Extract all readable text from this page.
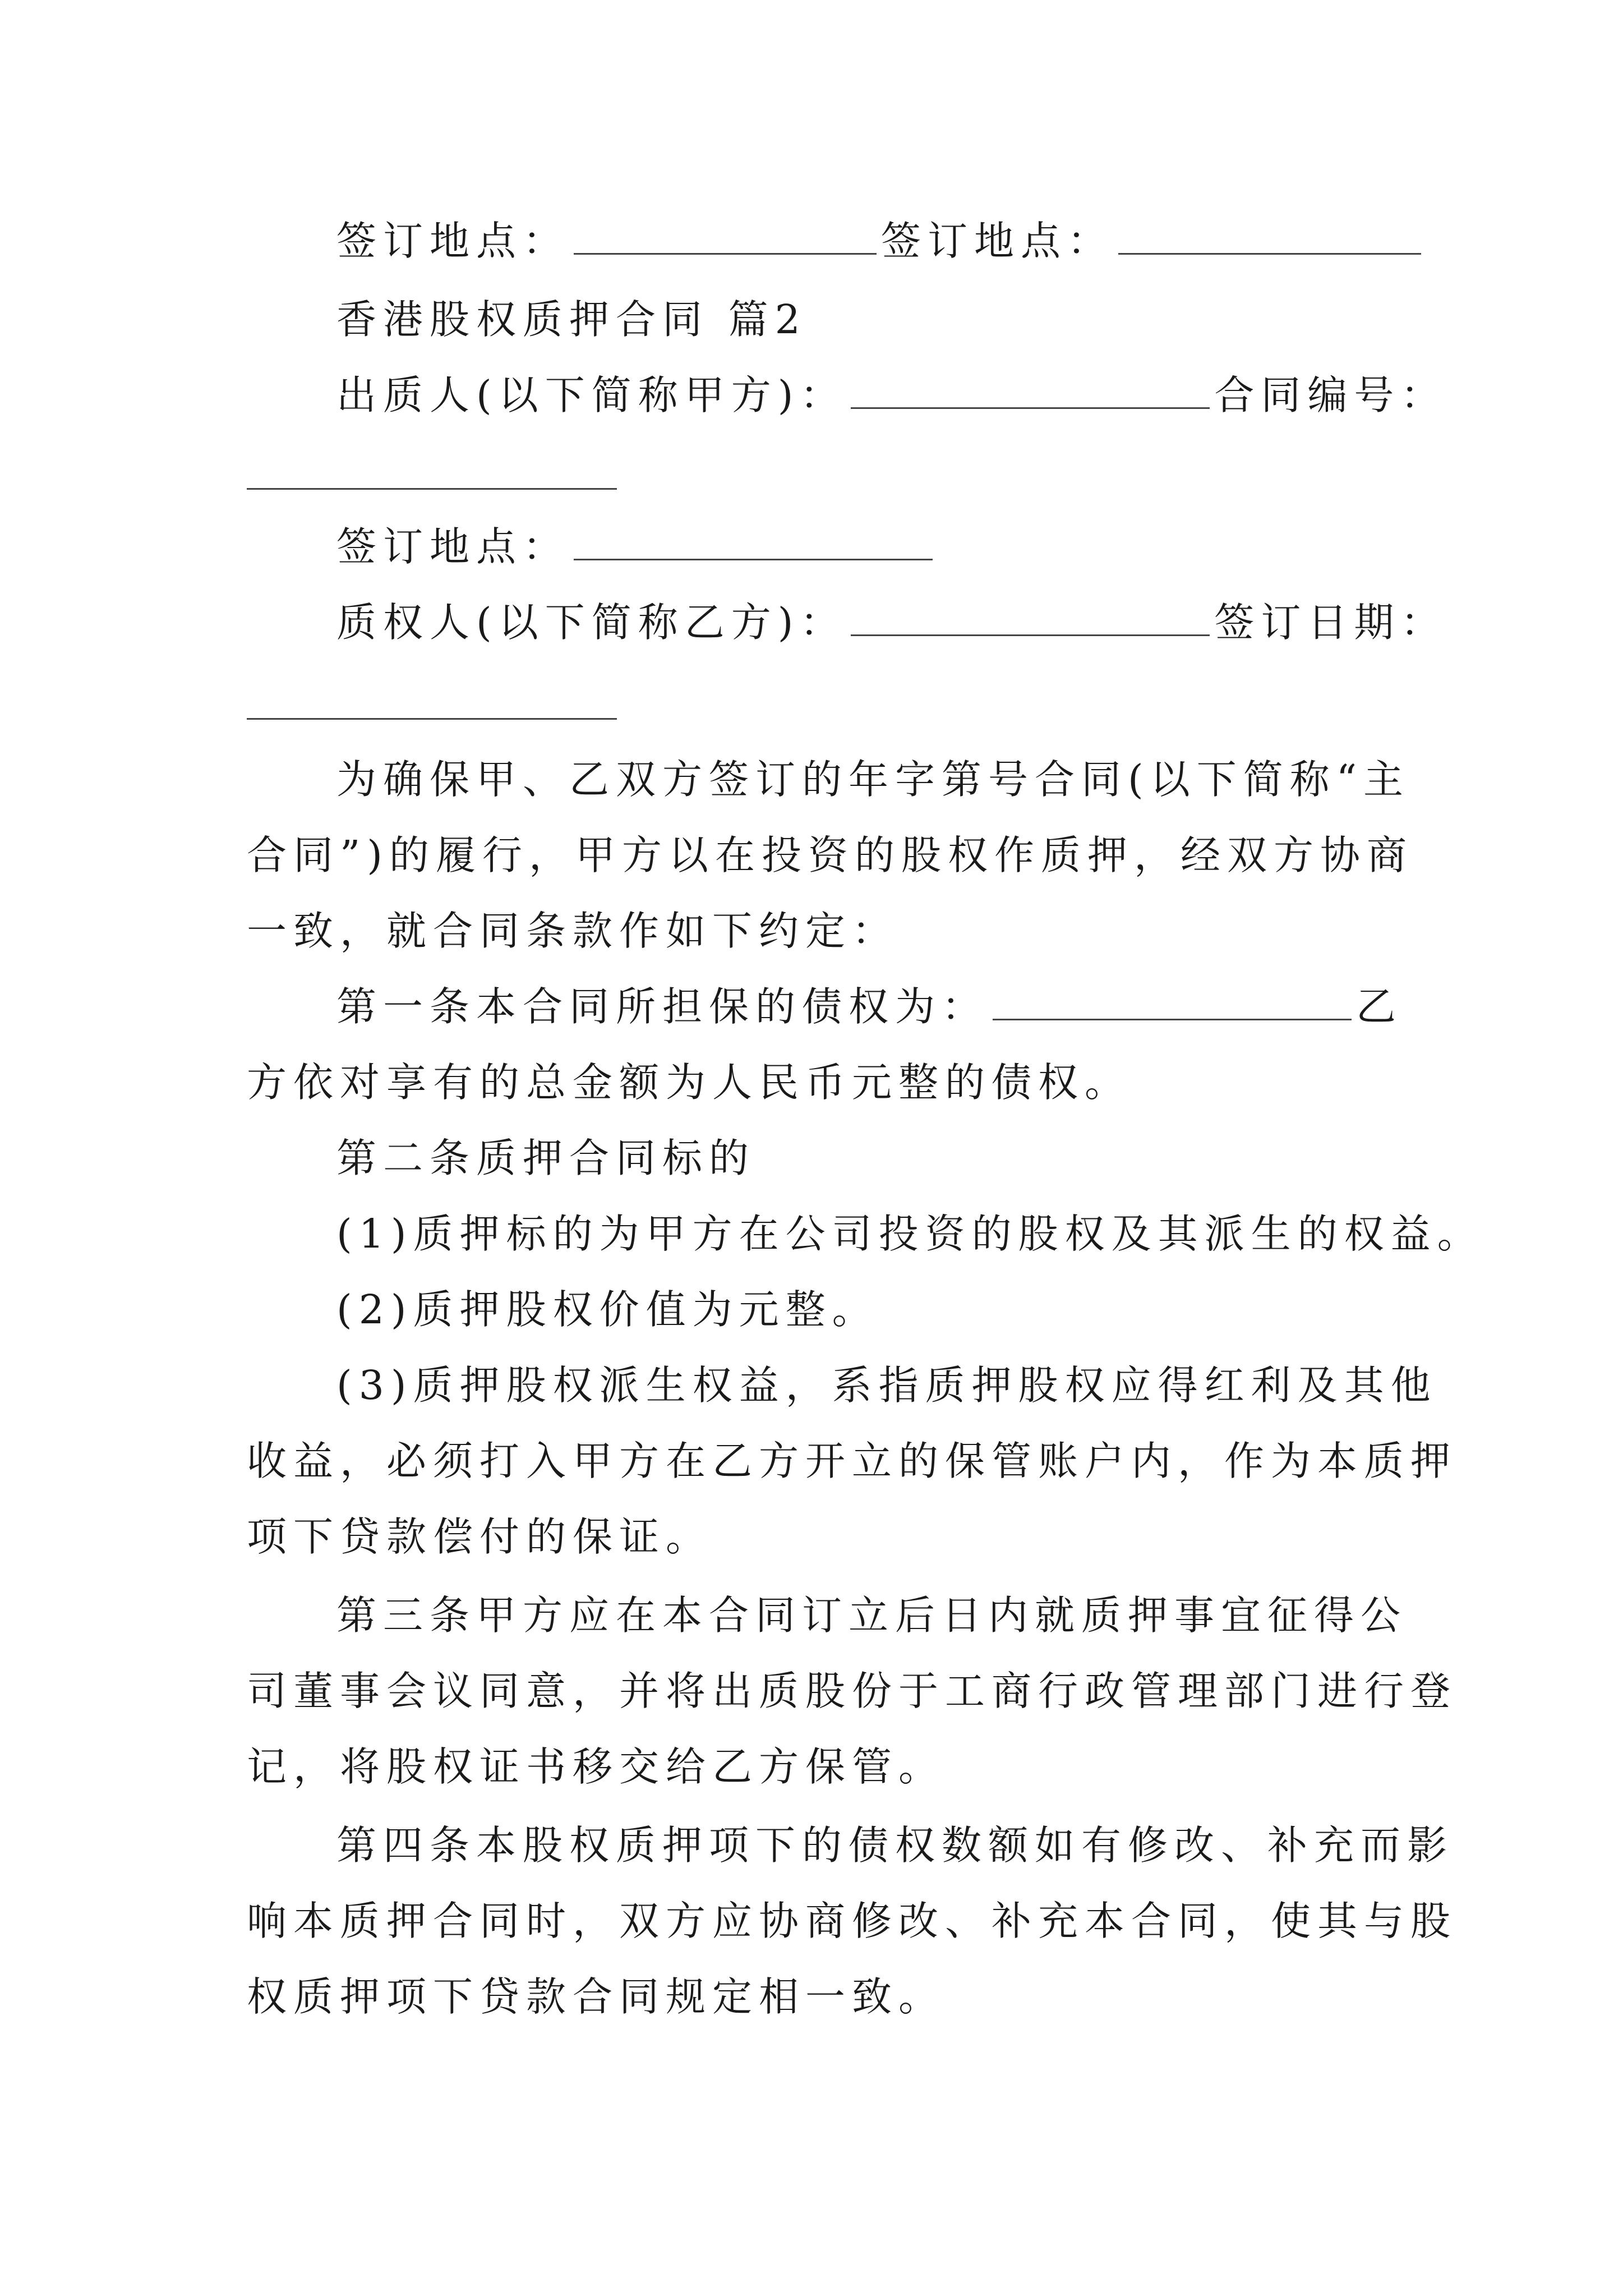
签订地点：	签订地点：
香港股权质押合同 篇2
出质人(以下简称甲方)：	合同编号：
签订地点：
质权人(以下简称乙方)：	签订日期：
为确保甲、乙双方签订的年字第号合同(以下简称“主
合同”)的履行，甲方以在投资的股权作质押，经双方协商
一致，就合同条款作如下约定：
第一条本合同所担保的债权为：	乙
方依对享有的总金额为人民币元整的债权。
第二条质押合同标的
(1)质押标的为甲方在公司投资的股权及其派生的权益。
(2)质押股权价值为元整。
(3)质押股权派生权益，系指质押股权应得红利及其他
收益，必须打入甲方在乙方开立的保管账户内，作为本质押
项下贷款偿付的保证。
第三条甲方应在本合同订立后日内就质押事宜征得公
司董事会议同意，并将出质股份于工商行政管理部门进行登
记，将股权证书移交给乙方保管。
第四条本股权质押项下的债权数额如有修改、补充而影
响本质押合同时，双方应协商修改、补充本合同，使其与股
权质押项下贷款合同规定相一致。
